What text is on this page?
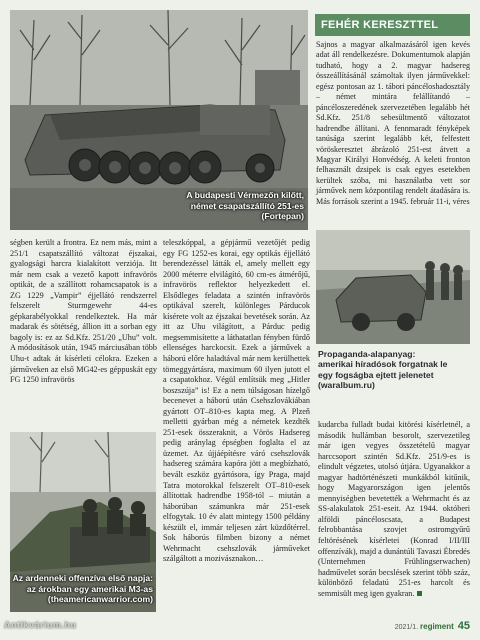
A budapesti Vérmezőn kilőtt,
német csapatszállító 251-es
(Fortepan)
FEHÉR KERESZTTEL
Sajnos a magyar alkalmazásáról igen kevés adat áll rendelkezésre. Dokumentumok alapján tudható, hogy a 2. magyar hadsereg összeállításánál számoltak ilyen járművekkel: egész pontosan az 1. tábori páncéloshadosztály – német mintára felállítandó – páncéloszeredének szervezetében legalább hét Sd.Kfz. 251/8 sebesültmentő változatot hadrendbe állítani. A fennmaradt fényképek tanúsága szerint legalább két, felfestett vöröskeresztet ábrázoló 251-est átvett a Magyar Királyi Honvédség. A keleti fronton felhasznált dzsipek is csak egyes esetekben kerültek szóba, mi használatba vett sor járművek nem központilag rendelt átadására is. Más források szerint a 1945. február 11-i, véres
Propaganda-alapanyag:
amerikai híradósok forgatnak le
egy fogságba ejtett jelenetet
(waralbum.ru)

ségben került a frontra. Ez nem más, mint a 251/1 csapatszállító változat éjszakai, gyalogsági harcra kialakított verziója. Itt már nem csak a vezető kapott infravörös optikát, de a szállított rohamcsapatok is a ZG 1229 „Vampir” éjjellátó rendszerrel felszerelt Sturmgewehr 44-es gépkarabélyokkal rendelkeztek. Ha már madarak és sötétség, állion itt a sorban egy bagoly is: ez az Sd.Kfz. 251/20 „Uhu” volt. A módosítások után, 1945 márciusában több Uhu-t adtak át kísérleti célokra. Ezeken a járműveken az első MG42-es géppuskát egy FG 1250 infravörös

Az ardenneki offenzíva első napja:
az árokban egy amerikai M3-as
(theamericanwarrior.com)

teleszkóppal, a gépjármű vezetőjét pedig egy FG 1252-es korai, egy optikás éjjellátó berendezéssel látták el, amely mellett egy 2000 méterre elvilágító, 60 cm-es átmérőjű, infravörös reflektor helyezkedett el. Elsődleges feladata a szintén infravörös optikával szerelt, különleges Párducok kísérete volt az éjszakai bevetések során. Az itt az Uhu világított, a Párduc pedig megsemmisítette a láthatatlan fényben fürdő ellenséges harckocsit. Ezek a járművek a háború előre haladtával már nem kerülhettek tömeggyártásra, maximum 60 ilyen jutott el a csapatokhoz. Végül említsük meg „Hitler boszszúja” is! Ez a nem túlságosan hízelgő becenevet a háború után Csehszlovákiában gyártott OT–810-es kapta meg. A Plzeň melletti gyárban még a németek kezdték 251-esek összeraknit, a Vörös Hadsereg pedig aránylag épségben foglalta el az üzemet. Az újjáépítésre váró csehszlovák hadsereg számára kapóra jött a megbízható, bevált eszköz gyártósora, így Praga, majd Tatra motorokkal felszerelt OT–810-esek állítottak hadrendbe 1958-tól – miután a háborúban számunkra már 251-esek elfogytak. 10 év alatt mintegy 1500 példány készült el, immár teljesen zárt küzdőtérrel. Sok háborús filmben bizony a német Wehrmacht csehszlovák járműveket szálgáltott a mozivásznakon…

kudarcba fulladt budai kitörési kísérletnél, a második hullámban besorolt, szervezetileg már igen vegyes összetételű magyar harccsoport szintén Sd.Kfz. 251/9-es is elindult végzetes, utolsó útjára. Ugyanakkor a magyar hadtörténészeti munkákból kitűnik, hogy Magyarországon igen jelentős mennyiségben bevetették a Wehrmacht és az SS-alakulatok 251-eseit. Az 1944. októberi alföldi páncéloscsata, a Budapest felrobbantása szovjet ostromgyűrű feltörésének kísérletei (Konrad I/II/III offenzívák), majd a dunántúli Tavaszi Ébredés (Unternehmen Frühlingserwachen) hadművelet során becslések szerint több száz, különböző feladatú 251-es harcolt és semmisült meg igen gyakran.

2021/1. regiment 45
Antikvárium.hu
